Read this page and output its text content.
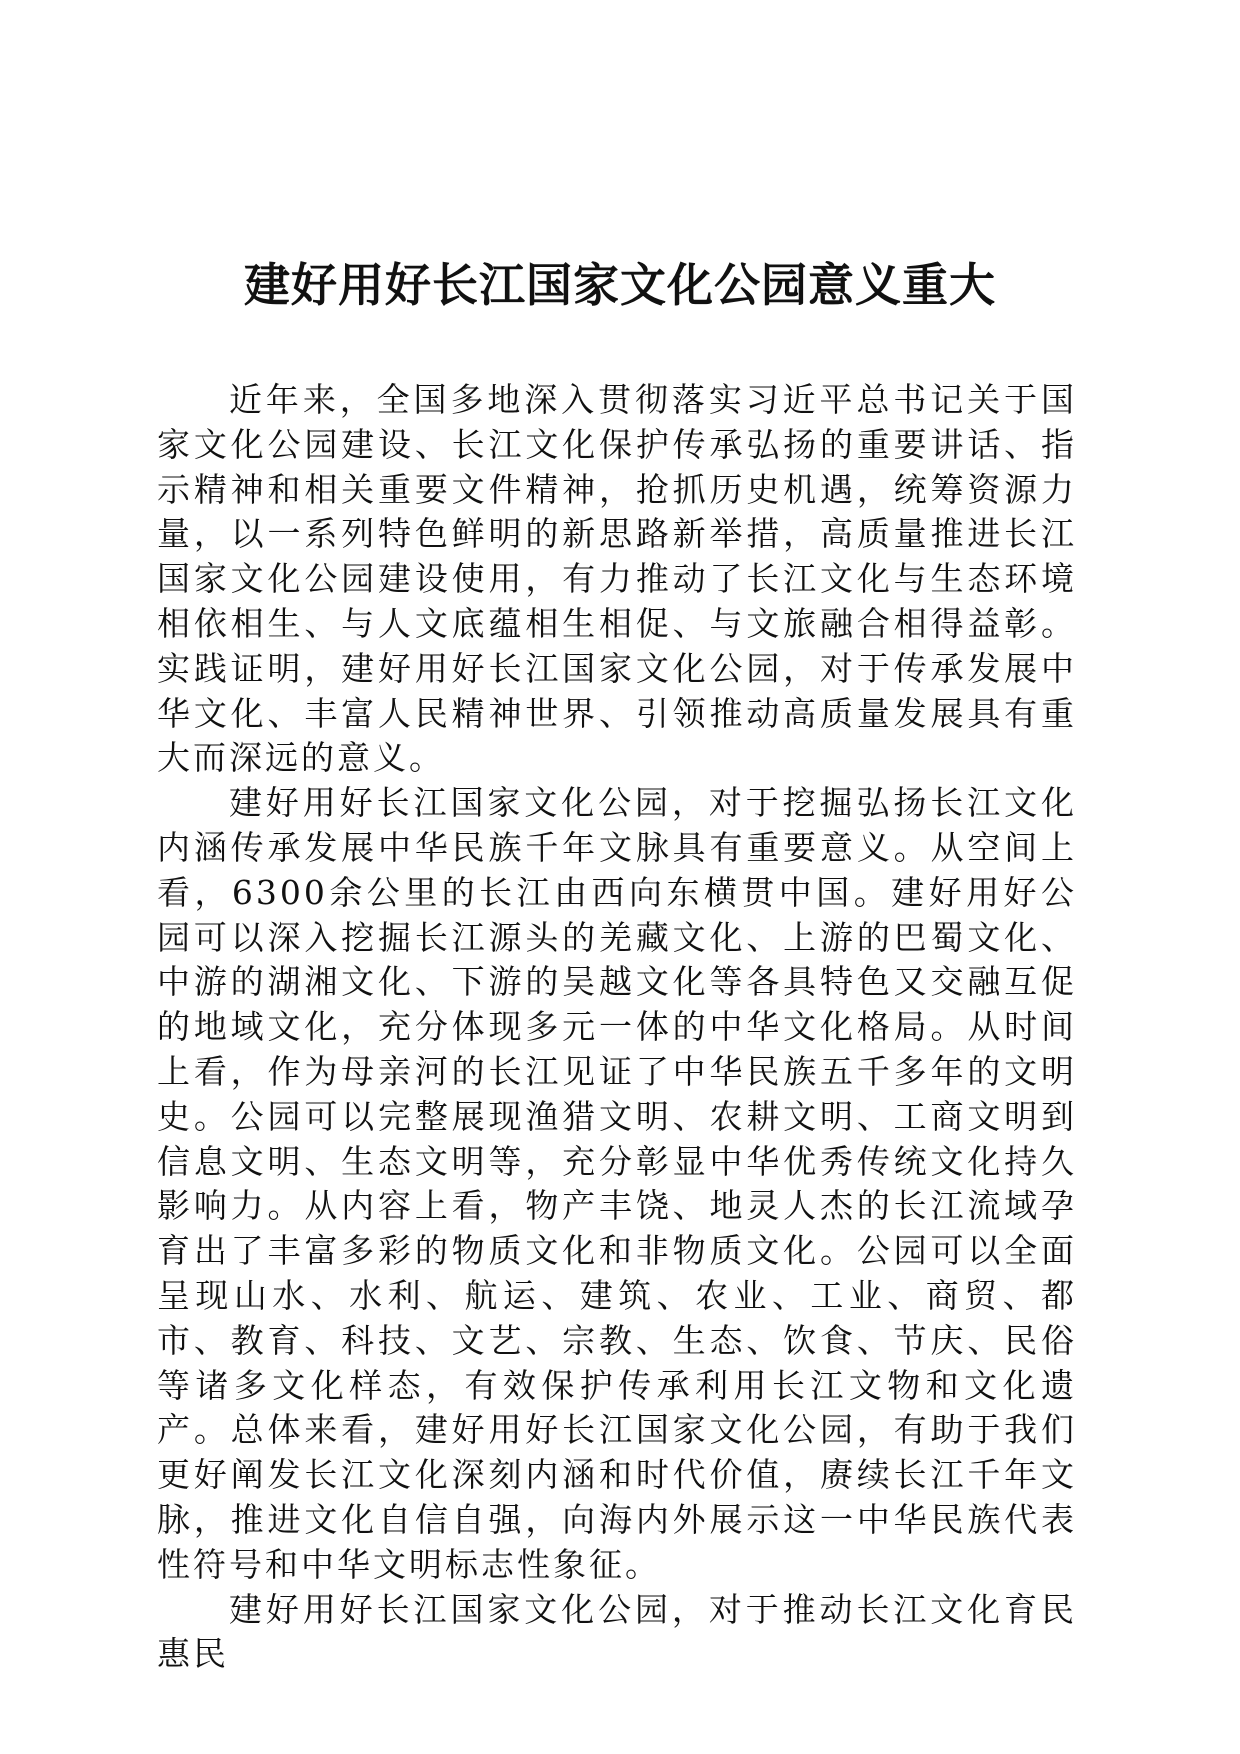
建好用好长江国家文化公园意义重大

近年来，全国多地深入贯彻落实习近平总书记关于国家文化公园建设、长江文化保护传承弘扬的重要讲话、指示精神和相关重要文件精神，抢抓历史机遇，统筹资源力量，以一系列特色鲜明的新思路新举措，高质量推进长江国家文化公园建设使用，有力推动了长江文化与生态环境相依相生、与人文底蕴相生相促、与文旅融合相得益彰。实践证明，建好用好长江国家文化公园，对于传承发展中华文化、丰富人民精神世界、引领推动高质量发展具有重大而深远的意义。

建好用好长江国家文化公园，对于挖掘弘扬长江文化内涵传承发展中华民族千年文脉具有重要意义。从空间上看，6300余公里的长江由西向东横贯中国。建好用好公园可以深入挖掘长江源头的羌藏文化、上游的巴蜀文化、中游的湖湘文化、下游的吴越文化等各具特色又交融互促的地域文化，充分体现多元一体的中华文化格局。从时间上看，作为母亲河的长江见证了中华民族五千多年的文明史。公园可以完整展现渔猎文明、农耕文明、工商文明到信息文明、生态文明等，充分彰显中华优秀传统文化持久影响力。从内容上看，物产丰饶、地灵人杰的长江流域孕育出了丰富多彩的物质文化和非物质文化。公园可以全面呈现山水、水利、航运、建筑、农业、工业、商贸、都市、教育、科技、文艺、宗教、生态、饮食、节庆、民俗等诸多文化样态，有效保护传承利用长江文物和文化遗产。总体来看，建好用好长江国家文化公园，有助于我们更好阐发长江文化深刻内涵和时代价值，赓续长江千年文脉，推进文化自信自强，向海内外展示这一中华民族代表性符号和中华文明标志性象征。

建好用好长江国家文化公园，对于推动长江文化育民惠民
